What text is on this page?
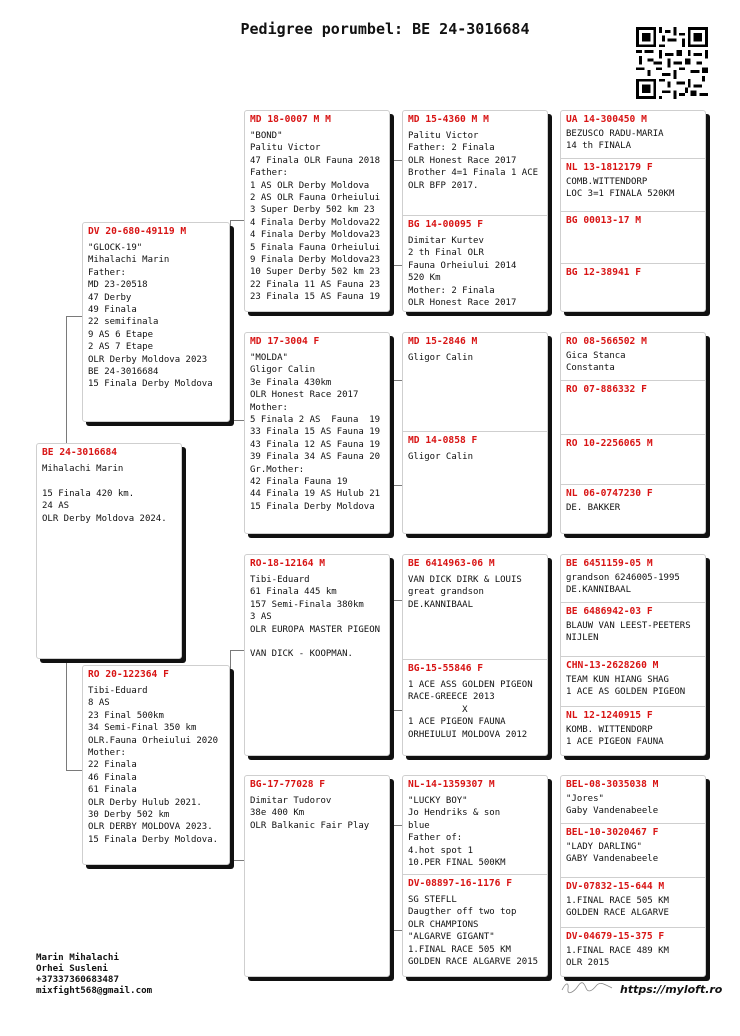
Pedigree porumbel: BE 24-3016684
BE 24-3016684
Mihalachi Marin

15 Finala 420 km.
24 AS
OLR Derby Moldova 2024.
DV 20-680-49119 M
"GLOCK-19"
Mihalachi Marin
Father:
MD 23-20518
47 Derby
49 Finala
22 semifinala
9 AS 6 Etape
2 AS 7 Etape
OLR Derby Moldova 2023
BE 24-3016684
15 Finala Derby Moldova
RO 20-122364 F
Tibi-Eduard
8 AS
23 Final 500km
34 Semi-Final 350 km
OLR.Fauna Orheiului 2020
Mother:
22 Finala
46 Finala
61 Finala
OLR Derby Hulub 2021.
30 Derby 502 km
OLR DERBY MOLDOVA 2023.
15 Finala Derby Moldova.
MD 18-0007 M M
"BOND"
Palitu Victor
47 Finala OLR Fauna 2018
Father:
1 AS OLR Derby Moldova
2 AS OLR Fauna Orheiului
3 Super Derby 502 km 23
4 Finala Derby Moldova22
4 Finala Derby Moldova23
5 Finala Fauna Orheiului
9 Finala Derby Moldova23
10 Super Derby 502 km 23
22 Finala 11 AS Fauna 23
23 Finala 15 AS Fauna 19
MD 17-3004 F
"MOLDA"
Gligor Calin
3e Finala 430km
OLR Honest Race 2017
Mother:
5 Finala 2 AS  Fauna  19
33 Finala 15 AS Fauna 19
43 Finala 12 AS Fauna 19
39 Finala 34 AS Fauna 20
Gr.Mother:
42 Finala Fauna 19
44 Finala 19 AS Hulub 21
15 Finala Derby Moldova
RO-18-12164 M
Tibi-Eduard
61 Finala 445 km
157 Semi-Finala 380km
3 AS
OLR EUROPA MASTER PIGEON

VAN DICK - KOOPMAN.
BG-17-77028 F
Dimitar Tudorov
38e 400 Km
OLR Balkanic Fair Play
MD 15-4360 M M
Palitu Victor
Father: 2 Finala
OLR Honest Race 2017
Brother 4=1 Finala 1 ACE
OLR BFP 2017.
BG 14-00095 F
Dimitar Kurtev
2 th Final OLR
Fauna Orheiului 2014
520 Km
Mother: 2 Finala
OLR Honest Race 2017
MD 15-2846 M
Gligor Calin
MD 14-0858 F
Gligor Calin
BE 6414963-06 M
VAN DICK DIRK & LOUIS
great grandson
DE.KANNIBAAL
BG-15-55846 F
1 ACE ASS GOLDEN PIGEON
RACE-GREECE 2013
X
1 ACE PIGEON FAUNA
ORHEIULUI MOLDOVA 2012
NL-14-1359307 M
"LUCKY BOY"
Jo Hendriks & son
blue
Father of:
4.hot spot 1
10.PER FINAL 500KM
DV-08897-16-1176 F
SG STEFLL
Daugther off two top
OLR CHAMPIONS
"ALGARVE GIGANT"
1.FINAL RACE 505 KM
GOLDEN RACE ALGARVE 2015
UA 14-300450 M
BEZUSCO RADU-MARIA
14 th FINALA
NL 13-1812179 F
COMB.WITTENDORP
LOC 3=1 FINALA 520KM
BG 00013-17 M
BG 12-38941 F
RO 08-566502 M
Gica Stanca
Constanta
RO 07-886332 F
RO 10-2256065 M
NL 06-0747230 F
DE. BAKKER
BE 6451159-05 M
grandson 6246005-1995
DE.KANNIBAAL
BE 6486942-03 F
BLAUW VAN LEEST-PEETERS
NIJLEN
CHN-13-2628260 M
TEAM KUN HIANG SHAG
1 ACE AS GOLDEN PIGEON
NL 12-1240915 F
KOMB. WITTENDORP
1 ACE PIGEON FAUNA
BEL-08-3035038 M
"Jores"
Gaby Vandenabeele
BEL-10-3020467 F
"LADY DARLING"
GABY Vandenabeele
DV-07832-15-644 M
1.FINAL RACE 505 KM
GOLDEN RACE ALGARVE
DV-04679-15-375 F
1.FINAL RACE 489 KM
OLR 2015
Marin Mihalachi
Orhei Susleni
+37337360683487
mixfight568@gmail.com	https://myloft.ro
